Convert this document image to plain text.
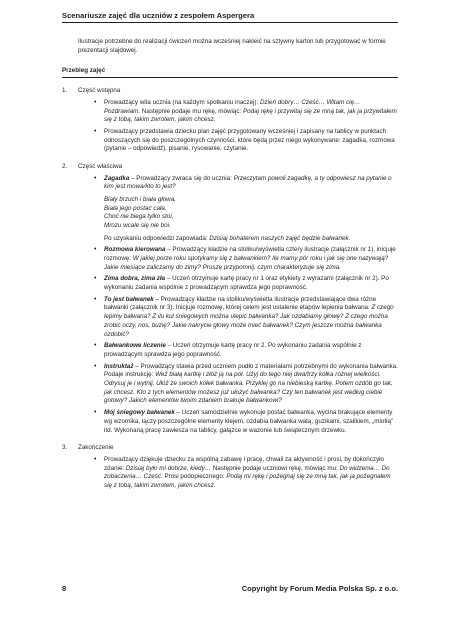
Scenariusze zajęć dla uczniów z zespołem Aspergera
Ilustracje potrzebne do realizacji ćwiczeń można wcześniej nakleić na sztywny karton lub przygotować w formie prezentacji slajdowej.
Przebieg zajęć
1. Część wstępna
• Prowadzący wita ucznia (na każdym spotkaniu inaczej): Dzień dobry… Cześć… Witam cię… Pozdrawiam. Następnie podaje mu rękę, mówiąc: Podaj rękę i przywitaj się ze mną tak, jak ja przywitałem się z tobą, takim zwrotem, jakim chcesz.
• Prowadzący przedstawia dziecku plan zajęć przygotowany wcześniej i zapisany na tablicy w punktach odnoszących się do poszczególnych czynności, które będą przez niego wykonywane: zagadka, rozmowa (pytanie – odpowiedź), pisanie, rysowanie, czytanie.
2. Część właściwa
• Zagadka – Prowadzący zwraca się do ucznia: Przeczytam powoli zagadkę, a ty odpowiesz na pytanie o kim jest mowa/kto to jest?
Biały brzuch i biała głowa,
Biała jego postać cała.
Choć nie biega tylko stoi,
Mrozu wcale się nie boi.
Po uzyskaniu odpowiedzi zapowiada: Dzisiaj bohaterem naszych zajęć będzie bałwanek.
• Rozmowa kierowana – Prowadzący kładzie na stoliku/wyświetla cztery ilustracje (załącznik nr 1), inicjuje rozmowę: W jakiej porze roku spotykamy się z bałwankiem? Ile mamy pór roku i jak się one nazywają? Jakie miesiące zaliczamy do zimy? Proszę przypomnij, czym charakteryzuje się zima.
• Zima dobra, zima zła – Uczeń otrzymuje kartę pracy nr 1 oraz etykiety z wyrazami (załącznik nr 2). Po wykonaniu zadania wspólnie z prowadzącym sprawdza jego poprawność.
• To jest bałwanek – Prowadzący kładzie na stoliku/wyświetla ilustracje przedstawiające dwa różne bałwanki (załącznik nr 3). Inicjuje rozmowę, której celem jest ustalenie etapów lepienia bałwana: Z czego lepimy bałwana? Z ilu kul śniegowych można ulepić bałwanka? Jak ozdabiamy głowę? Z czego można zrobić oczy, nos, buzię? Jakie nakrycie głowy może mieć bałwanek? Czym jeszcze można bałwanka ozdobić?
• Bałwankowe liczenie – Uczeń otrzymuje kartę pracy nr 2. Po wykonaniu zadania wspólnie z prowadzącym sprawdza jego poprawność.
• Instruktaż – Prowadzący stawia przed uczniem pudło z materiałami potrzebnymi do wykonania bałwanka. Podaje instrukcję: Weź białą kartkę i złóż ją na pół. Użyj do tego niej dwa/trzy kółka różnej wielkości. Odrysuj je i wytnij. Ułóż ze swoich kółek bałwanka. Przyklej go na niebieską kartkę. Potem ozdób go tak, jak chcesz. Kto z tych elementów możesz już ułożyć bałwanka? Czy ten bałwanek jest według ciebie gotowy? Jakich elementów twoim zdaniem brakuje bałwankowi?
• Mój śniegowy bałwanek – Uczeń samodzielnie wykonuje postać bałwanka, wycina brakujące elementy wg wzornika, łączy poszczególne elementy klejem, ozdabia bałwanka watą, guzikami, szalikiem, „miotłą” itd. Wykonaną pracę zawiesza na tablicy, gałązce w wazonie lub świątecznym drzewku.
3. Zakończenie
• Prowadzący dziękuje dziecku za wspólną zabawę i pracę, chwali za aktywność i prosi, by dokończyło zdanie: Dzisiaj było mi dobrze, kiedy… Następnie podaje uczniowi rękę, mówiąc mu: Do widzenia… Do zobaczenia… Cześć. Prosi podopiecznego: Podaj mi rękę i pożegnaj się ze mną tak, jak ja pożegnałem się z tobą, takim zwrotem, jakim chcesz.
8	Copyright by Forum Media Polska Sp. z o.o.
